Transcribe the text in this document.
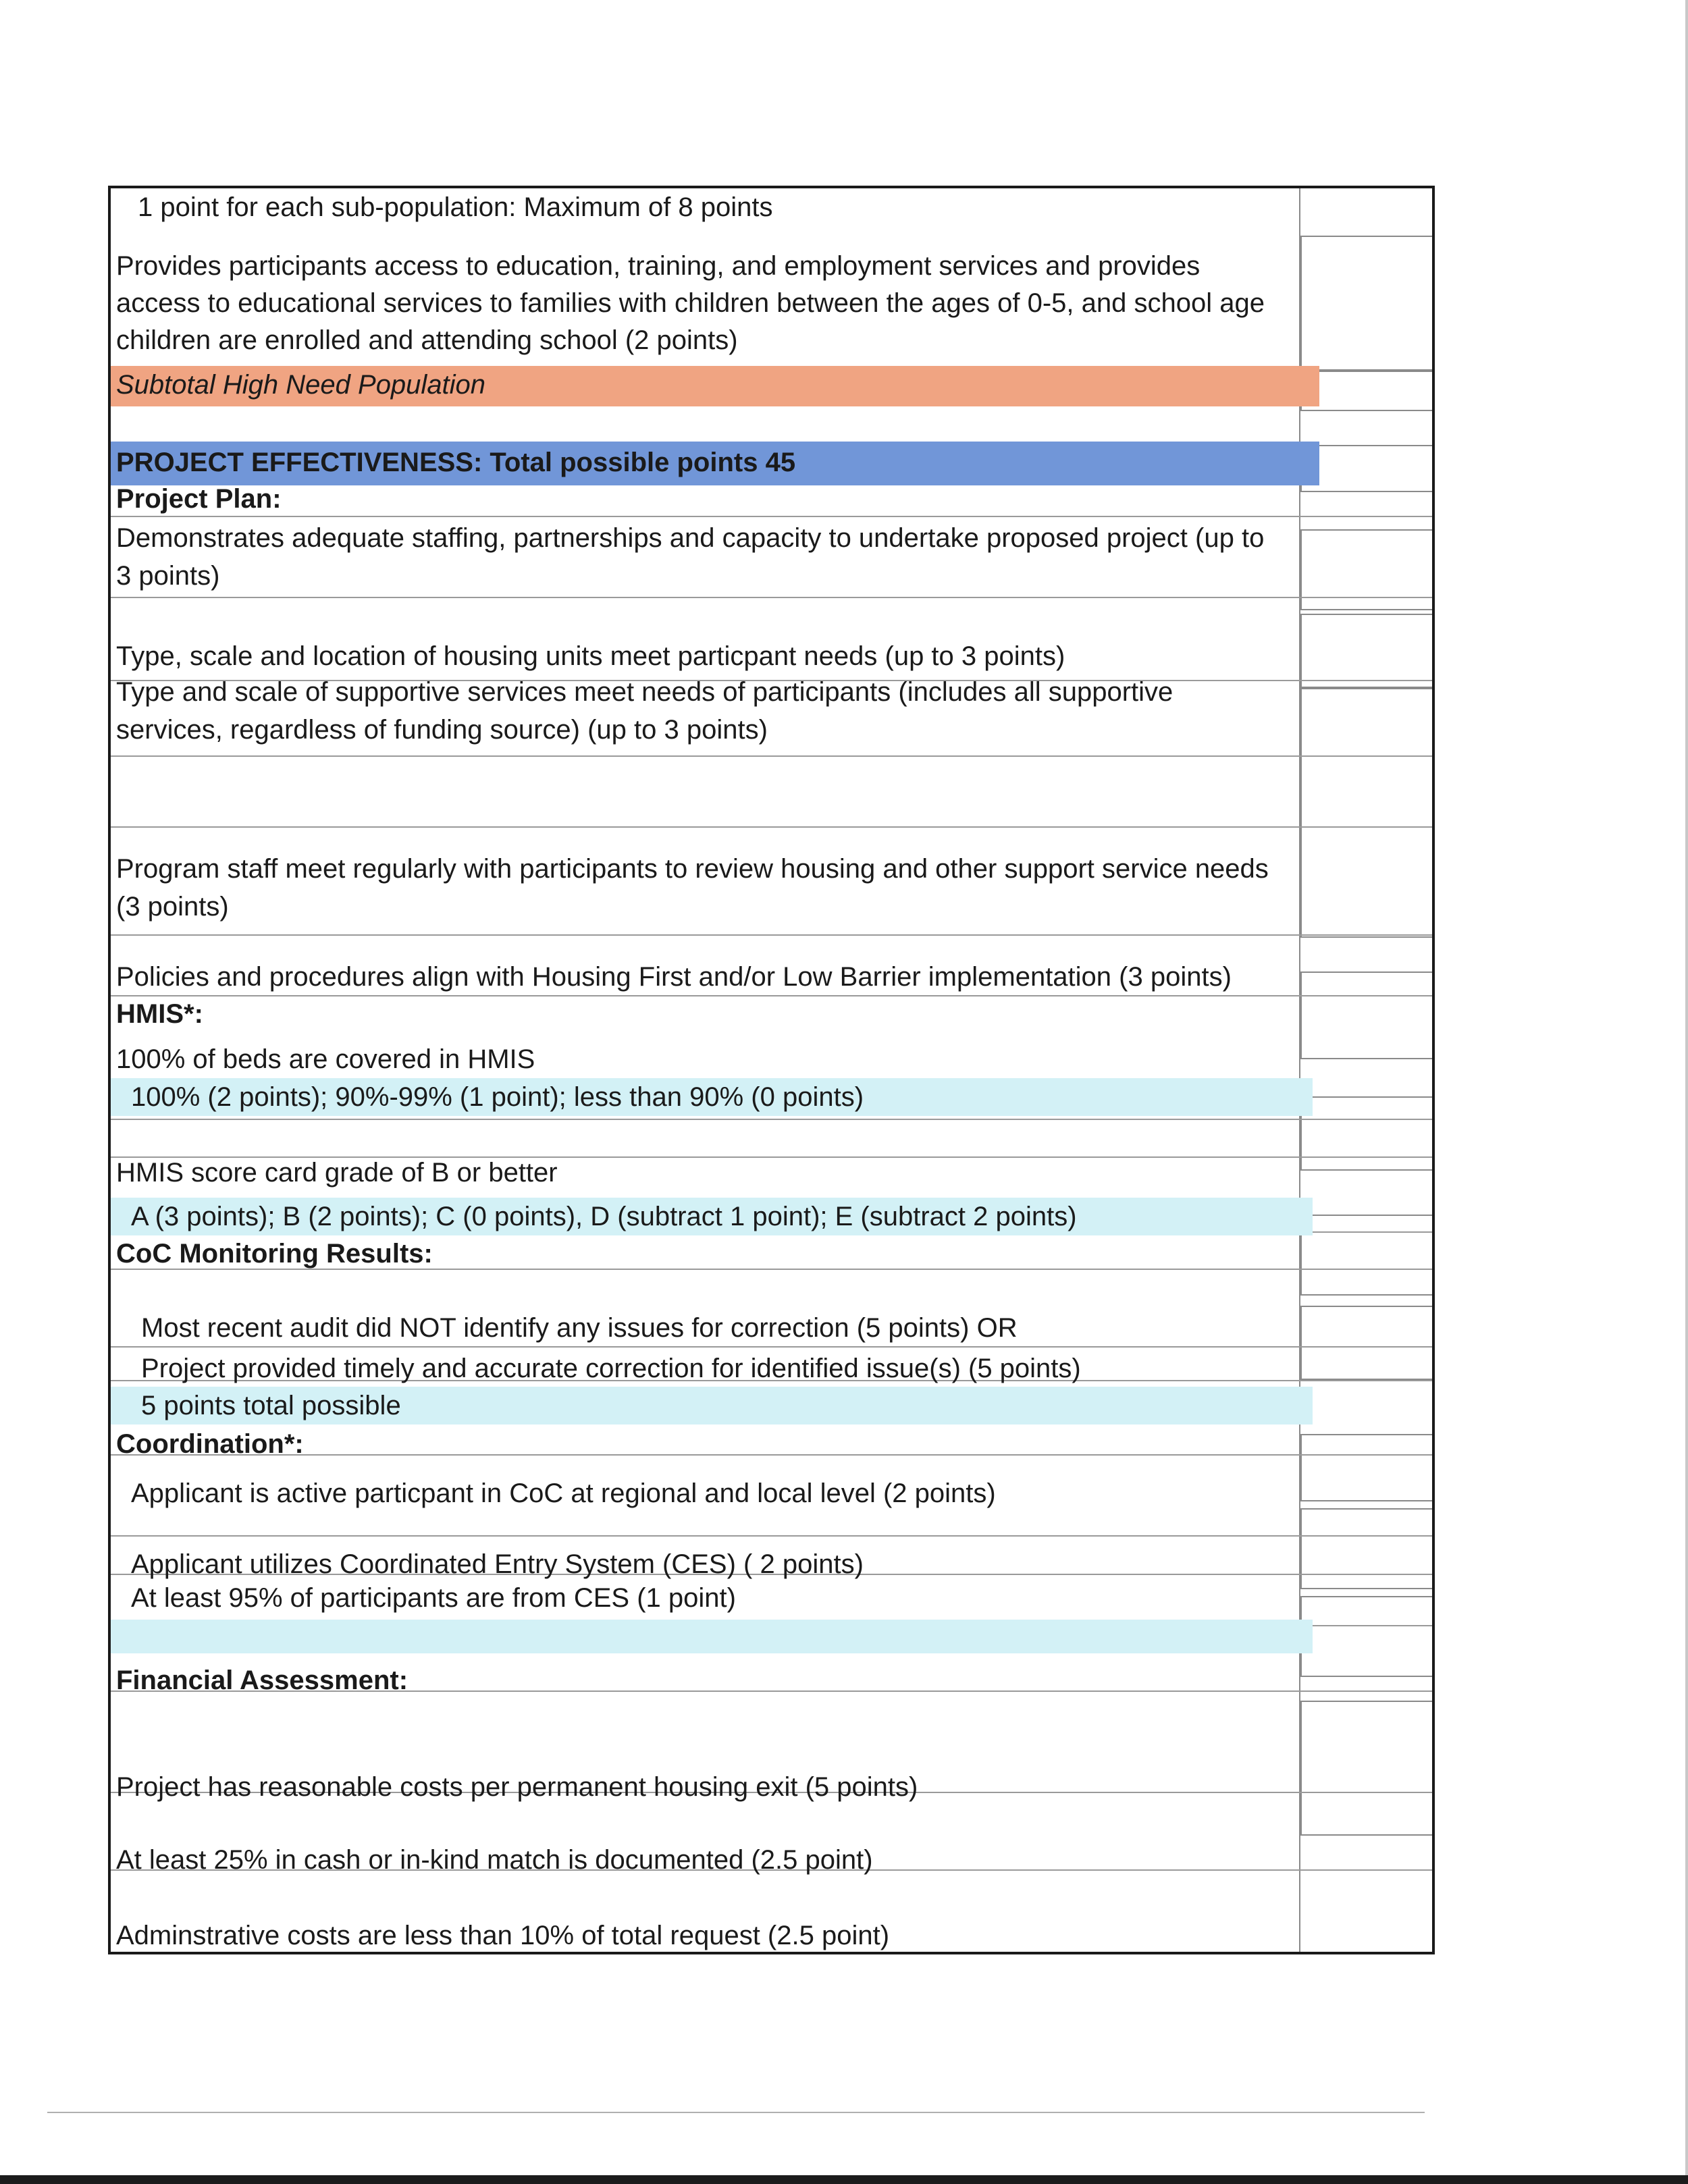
1 point for each sub-population: Maximum of 8 points
Provides participants access to education, training, and employment services and provides access to educational services to families with children between the ages of 0-5, and school age children are enrolled and attending school (2 points)
Subtotal High Need Population
PROJECT EFFECTIVENESS: Total possible points 45
Project Plan:
Demonstrates adequate staffing, partnerships and capacity to undertake proposed project (up to 3 points)
Type, scale and location of housing units meet particpant needs (up to 3 points)
Type and scale of supportive services meet needs of participants (includes all supportive services, regardless of funding source) (up to 3 points)
Program staff meet regularly with participants to review housing and other support service needs (3 points)
Policies and procedures align with Housing First and/or Low Barrier implementation (3 points)
HMIS*:
100% of beds are covered in HMIS
100% (2 points); 90%-99% (1 point); less than 90% (0 points)
HMIS score card grade of B or better
A (3 points); B (2 points); C (0 points), D (subtract 1 point); E (subtract 2 points)
CoC Monitoring Results:
Most recent audit did NOT identify any issues for correction (5 points) OR
Project provided timely and accurate correction for identified issue(s) (5 points)
5 points total possible
Coordination*:
Applicant is active particpant in CoC at regional and local level (2 points)
Applicant utilizes Coordinated Entry System (CES) ( 2 points)
At least 95% of participants are from CES (1 point)
Financial Assessment:
Project has reasonable costs per permanent housing exit (5 points)
At least 25% in cash or in-kind match is documented (2.5 point)
Adminstrative costs are less than 10% of total request (2.5 point)
